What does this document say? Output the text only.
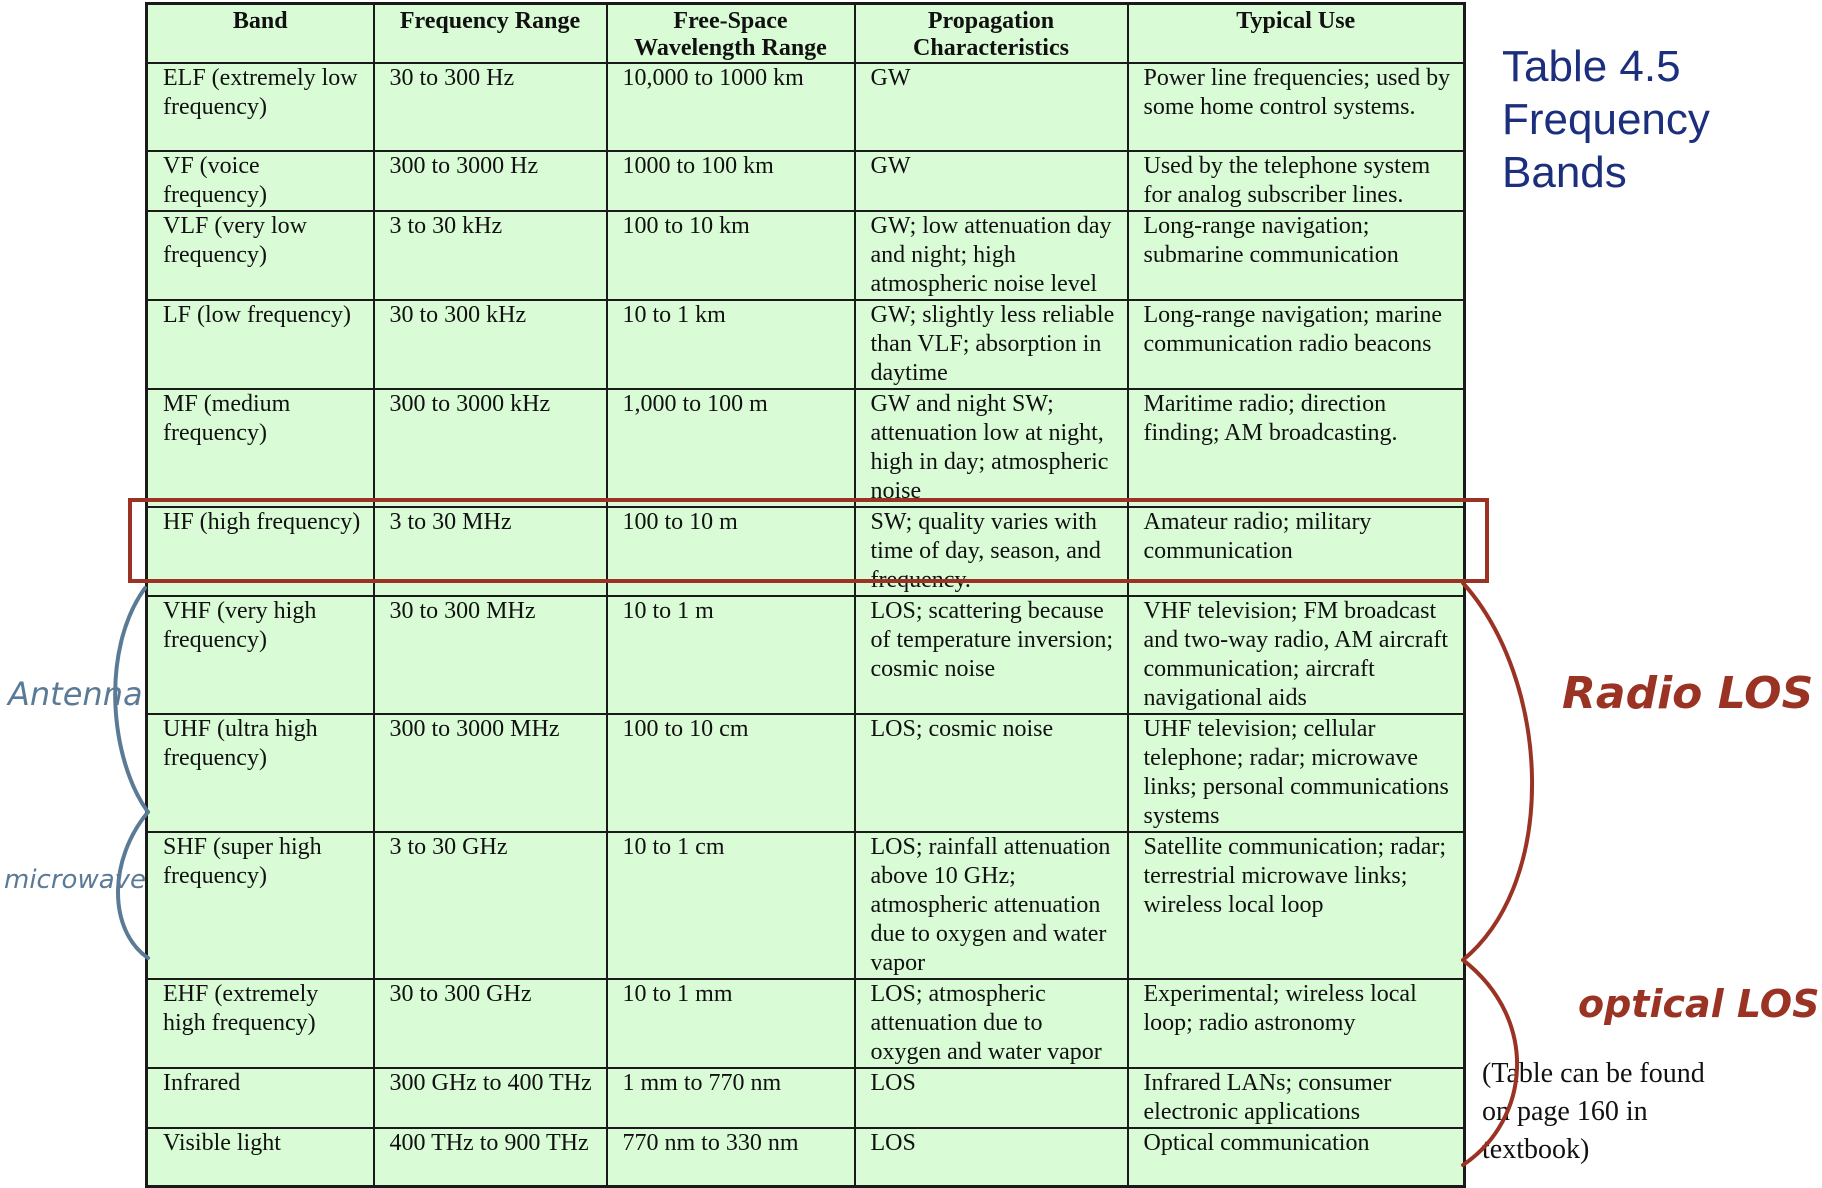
Band	Frequency Range	Free-Space Wavelength Range	Propagation Characteristics	Typical Use
ELF (extremely low frequency)	30 to 300 Hz	10,000 to 1000 km	GW	Power line frequencies; used by some home control systems.
VF (voice frequency)	300 to 3000 Hz	1000 to 100 km	GW	Used by the telephone system for analog subscriber lines.
VLF (very low frequency)	3 to 30 kHz	100 to 10 km	GW; low attenuation day and night; high atmospheric noise level	Long-range navigation; submarine communication
LF (low frequency)	30 to 300 kHz	10 to 1 km	GW; slightly less reliable than VLF; absorption in daytime	Long-range navigation; marine communication radio beacons
MF (medium frequency)	300 to 3000 kHz	1,000 to 100 m	GW and night SW; attenuation low at night, high in day; atmospheric noise	Maritime radio; direction finding; AM broadcasting.
HF (high frequency)	3 to 30 MHz	100 to 10 m	SW; quality varies with time of day, season, and frequency.	Amateur radio; military communication
VHF (very high frequency)	30 to 300 MHz	10 to 1 m	LOS; scattering because of temperature inversion; cosmic noise	VHF television; FM broadcast and two-way radio, AM aircraft communication; aircraft navigational aids
UHF (ultra high frequency)	300 to 3000 MHz	100 to 10 cm	LOS; cosmic noise	UHF television; cellular telephone; radar; microwave links; personal communications systems
SHF (super high frequency)	3 to 30 GHz	10 to 1 cm	LOS; rainfall attenuation above 10 GHz; atmospheric attenuation due to oxygen and water vapor	Satellite communication; radar; terrestrial microwave links; wireless local loop
EHF (extremely high frequency)	30 to 300 GHz	10 to 1 mm	LOS; atmospheric attenuation due to oxygen and water vapor	Experimental; wireless local loop; radio astronomy
Infrared	300 GHz to 400 THz	1 mm to 770 nm	LOS	Infrared LANs; consumer electronic applications
Visible light	400 THz to 900 THz	770 nm to 330 nm	LOS	Optical communication
Table 4.5
Frequency
Bands
(Table can be found on page 160 in textbook)
Antenna
microwave
Radio LOS
optical LOS
